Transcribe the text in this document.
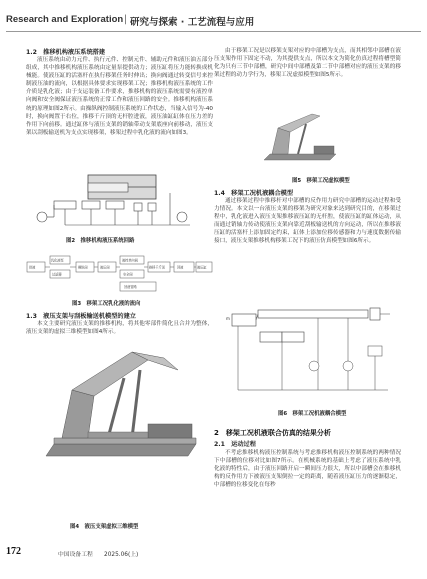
Research and Exploration | 研究与探索 · 工艺流程与应用
1.2　推移机构液压系统搭建
液压系统由动力元件、执行元件、控制元件、辅助元件和液压油五部分组成，其中推移机构液压系统由定量泵提供动力；液压缸将压力能转换成机械能。使液压缸的活塞杆在执行移架任务时伸出；换向阀通过转变信号来控制液压油的流向，以根据具体要求实现移架工况；推移机构液压系统的工作介质是乳化液；由于支运装备工作要求，推移机构的液压系统需要有液控单向阀和安全阀保证液压系统的正常工作和液压回路的安全。推移机构液压系统的原理如图2所示。由操纵阀控制液压系统的工作状态，当输入信号为-40时，换向阀置于右位，推移千斤顶的无杆腔进液，液压油缸缸体在压力差的作用下向前移。通过缸体与液压支架的销轴带动支架底座向前移动，液压支架以刮板输送机为支点实现移架，移架过程中乳化液的流向如图3。
图2　推移机构液压系统回路
供液
乳化液泵
过滤器
操纵阀	液压阀
液控单向阀
安全阀
推移千斤顶	回液	液压缸
回液管路
图3　移架工况乳化液的流向
1.3　液压支架与刮板输送机模型的建立
本文主要研究液压支架的推移机构，将其他零部件简化且合并为整体，液压支架的虚拟三维模型如图4所示。
图4　液压支架虚拟三维模型
由于移架工况是以移架支架对应的中部槽为支点，而其相邻中部槽在液压支架作用下固定不动，为其提供支点，所以本文为简化仿真过程将槽型简化为只有三节中部槽，研究中间中部槽及第二节中部槽对应的液压支架的移架过程的动力学行为，移架工况虚拟模型如图5所示。
图5　移架工况虚拟模型
1.4　移架工况机液耦合模型
通过移架过程中推移杆对中部槽的反作用力研究中部槽的运动过程和受力情况。本文以一台液压支架的移架为研究对象来达到研究目的，在移架过程中，乳化液进入液压支架推移液压缸的无杆腔，使液压缸的缸体运动，从而通过销轴力传动使液压支架向靠近刮板输送机的方向运动，所以在推移液压缸的活塞杆上添加固定约束，缸体上添加位移传感器和力与速度数据传输接口，液压支架推移机构移架工况下的液压仿真模型如图6所示。
m
图6　移架工况机液耦合模型
2　移架工况机液联合仿真的结果分析
2.1　运动过程
不考虑推移机构液压控制系统与考虑推移机构液压控制系统的两种情况下中部槽的位移对比如图7所示。在机械系统的基础上考虑了液压系统中乳化液的特性后，由于液压回路开启一瞬间压力很大，所以中部槽会在推移机构的反作用力下被液压支架倒拉一定的距离，随着液压缸压力的逐渐稳定，中部槽的位移变化在每秒
172	中国设备工程 2025.06(上)
